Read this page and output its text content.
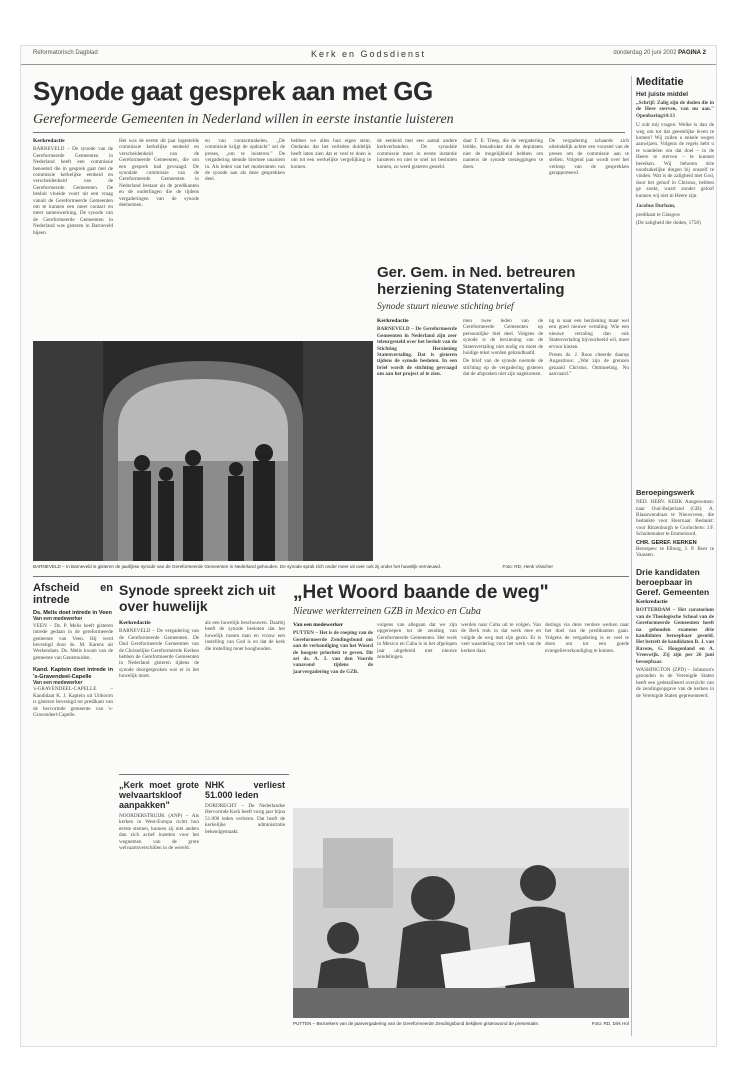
Reformatorisch Dagblad	Kerk en Godsdienst	donderdag 20 juni 2002 PAGINA 2
Synode gaat gesprek aan met GG
Gereformeerde Gemeenten in Nederland willen in eerste instantie luisteren
Kerkredactie

BARNEVELD – De synode van de Gereformeerde Gemeenten in Nederland heeft een commissie benoemd die in gesprek gaat met de commissie kerkelijke eenheid en verscheidenheid van de Gereformeerde Gemeenten. De besluit vloeide voort uit een vraag vanuit de Gereformeerde Gemeenten om te kunnen een meer contact en meer samenwerking. De synode van de Gereformeerde Gemeenten in Nederland was gisteren in Barneveld bijeen.

Het was de eerste dit jaar ingestelde commissie kerkelijke eenheid en verscheidenheid van de Gereformeerde Gemeenten, die om een gesprek had gevraagd. De synodale commissie van de Gereformeerde Gemeenten in Nederland bestaat uit de predikanten en de ouderlingen die de tijdens vergaderingen van de synode deelnemen.

en van contactmakelen. „De commissie krijgt de opdracht" zei de preses, „om te luisteren." De vergadering stemde hiermee unaniem in. Als leden van het moderamen van de synode aan als deze gesprekken deel.

hebben we alles hun eigen stem. Ondanks dat het verleden duidelijk heeft laten zien dat er veel te doen is om tot een werkelijke vergelijking te komen.

de eenheid met een aantal andere kerkverbanden. De synodale commissie moet in eerste instantie luisteren en niet te snel tot besluiten komen, zo werd gisteren gesteld.

daar T. E. Treep, die de vergadering leidde, benadrukte dat de deputaten niet de mogelijkheid hebben om namens de synode toezeggingen te doen.

De vergadering schaarde zich uiteindelijk achter een voorstel van de preses om de commissie aan te stellen. Volgend jaar wordt over het verloop van de gesprekken gerapporteerd.

BARNEVELD – In Barneveld is gisteren de jaarlijkse synode van de Gereformeerde Gemeenten in Nederland gehouden. De synode sprak zich onder meer uit over ook zij onder het huwelijk vernieuwd.	Foto: RD, Henk Visscher
Ger. Gem. in Ned. betreuren herziening Statenvertaling
Synode stuurt nieuwe stichting brief
Kerkredactie

BARNEVELD – De Gereformeerde Gemeenten in Nederland zijn zeer teleurgesteld over het besluit van de Stichting Herziening Statenvertaling. Dat is gisteren tijdens de synode besloten. In een brief wordt de stichting gevraagd om aan het project af te zien.

men twee leden van de Gereformeerde Gemeenten op persoonlijke titel deel. Volgens de synode is de herziening van de Statenvertaling niet nodig en moet de huidige tekst worden gehandhaafd.

De brief van de synode noemde de stichting op de vergadering gisteren dat de afspraken niet zijn nagekomen.

ng is naar een herziening maar wel een goed nieuwe vertaling. Wie een nieuwe vertaling dan ook Statenvertaling bijvoorbeeld wil, moet ervoor kiezen.

Preses ds. J. Roos citeerde daarop Augustinus: „Wat zijn de grenzen gezaaid Christus. Ontmoeting. Nu aanvaard."

Afscheid en intrede
Ds. Melis doet intrede in Veen
Van een medewerker

VEEN – Ds. P. Melis heeft gisteren intrede gedaan in de gereformeerde gemeente van Veen. Hij werd bevestigd door ds. M. Karens uit Werkendam. Ds. Melis kwam van de gemeente van Genemuiden.

Kand. Kaptein doet intrede in 's-Gravendeel-Capelle
Van een medewerker

's-GRAVENDEEL-CAPELLE – Kandidaat K. J. Kaptein uit Uithoorn is gisteren bevestigd tot predikant van de hervormde gemeente van 's-Gravendeel-Capelle.

Synode spreekt zich uit over huwelijk
Kerkredactie

BARNEVELD – De vergadering van de Gereformeerde Gemeenten. De Oud Gereformeerde Gemeenten van de Christelijke Gereformeerde Kerken hebben de Gereformeerde Gemeenten in Nederland gisteren tijdens de synode doorgesproken wat er in het huwelijk moet.

als een huwelijk beschouwen. Daarbij heeft de synode besloten dat het huwelijk tussen man en vrouw een instelling van God is en dat de kerk die instelling moet hooghouden.

„Kerk moet grote welvaartskloof aanpakken"

NOORDERSTRUIJK (ANP) – Als kerken in West-Europa richtt hun eerste stemen, kunnen zij niet anders dan zich actief inzetten voor het wegnemen van de grote welvaartsverschillen in de wereld.

NHK verliest 51.000 leden

DORDRECHT – De Nederlandse Hervormde Kerk heeft vorig jaar bijna 51.000 leden verloren. Dat heeft de kerkelijke administratie bekendgemaakt.

„Het Woord baande de weg"
Nieuwe werkterreinen GZB in Mexico en Cuba
Van een medewerker

PUTTEN – Het is de roeping van de Gereformeerde Zendingsbond om aan de verkondiging van het Woord de hoogste prioriteit te geven. Dit zei ds. A. J. van den Voorde vanavond tijdens de jaarvergadering van de GZB.

volgens van allegaan dat we zijn opgeroepen tot de zending van Gereformeerde Gemeenten. Het werk in Mexico en Cuba is in het afgelopen jaar uitgebreid met nieuwe zendelingen.

werden naar Cuba uit te volgen. Van de Berk trok in dat werk mee en volgde de weg met zijn gezin. Er is veel waardering voor het werk van de kerken daar.

dezings via deze verdere werken naar het doel van de predikanten gaan. Volgens de vergadering is er veel te doen om tot een goede evangelieverkondiging te komen.

PUTTEN – Bezoekers van de jaarvergadering van de Gereformeerde Zendingsbond bekijken gisteravond de presentatie.	Foto: RD, Dirk Hol
Meditatie
Het juiste middel
„Schrijf: Zalig zijn de doden die in de Here sterven, van nu aan." Openbaring14:13

U zult mij vragen: Welke is dan de weg om tot dat geestelijke leven te komen? Wij zullen u enkele wegen aanwijzen. Volgens de regels hebt u te wandelen om dat doel – in de Heere te sterven – te kunnen bereiken. Wij behoren drie noodzakelijke dingen bij onszelf te vinden. Wat is de zaligheid met God, door het geloof in Christus, hebben ge zoekt, waart zonder geloof kunnen wij niet in Heere zijn.

Jacobus Durham,

predikant te Glasgow

(De zaligheid der doden, 1758)

Beroepingswerk

NED. HERV. KERK Aangenomen: naar Oud-Beijerland (GB): A. Blaauwendraat te Nieuwveen, die bedankte voor Hoornaar. Bedankt: voor Ritzenburgh te Gorinchem: J.F. Schuitemaker te Emmeloord.

CHR. GEREF. KERKEN

Beroepen: te Elburg, J. P. Boer te Vaassen.

Drie kandidaten beroepbaar in Geref. Gemeenten
Kerkredactie

ROTTERDAM – Het curatorium van de Theologische School van de Gereformeerde Gemeenten heeft na gehouden examens drie kandidaten beroepbaar gesteld. Het betreft de kandidaten B. J. van Ravens, G. Hoogenland en A. Vreeswijk. Zij zijn per 26 juni beroepbaar.

WASHINGTON (ZPD) – Johnston's gezonden in de Verenigde Staten heeft een gedetailleerd overzicht van de zendingsopgave van de kerken in de Verenigde Staten gepresenteerd.
